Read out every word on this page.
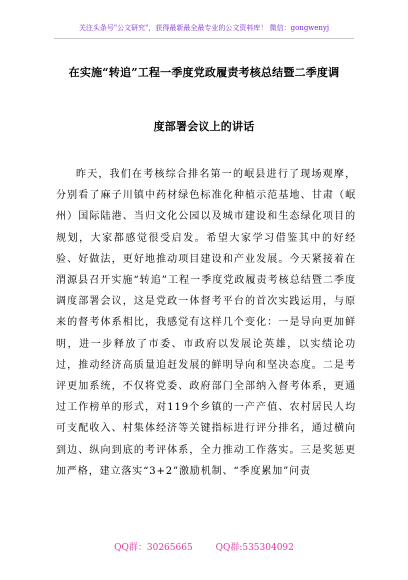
关注头条号"公文研究"，获得最新最全最专业的公文资料库！ 微信：gongwenyj
在实施“转追”工程一季度党政履责考核总结暨二季度调
度部署会议上的讲话

昨天，我们在考核综合排名第一的岷县进行了现场观摩，分别看了麻子川镇中药材绿色标准化种植示范基地、甘肃（岷州）国际陆港、当归文化公园以及城市建设和生态绿化项目的规划，大家都感觉很受启发。希望大家学习借鉴其中的好经验、好做法，更好地推动项目建设和产业发展。今天紧接着在渭源县召开实施“转追”工程一季度党政履责考核总结暨二季度调度部署会议，这是党政一体督考平台的首次实践运用，与原来的督考体系相比，我感觉有这样几个变化：一是导向更加鲜明，进一步释放了市委、市政府以发展论英雄，以实绩论功过，推动经济高质量追赶发展的鲜明导向和坚决态度。二是考评更加系统，不仅将党委、政府部门全部纳入督考体系，更通过工作榜单的形式，对119个乡镇的一产产值、农村居民人均可支配收入、村集体经济等关键指标进行评分排名，通过横向到边、纵向到底的考评体系，全力推动工作落实。三是奖惩更加严格，建立落实“3+2”激励机制、“季度累加”问责

QQ群：30265665	QQ群:535304092
